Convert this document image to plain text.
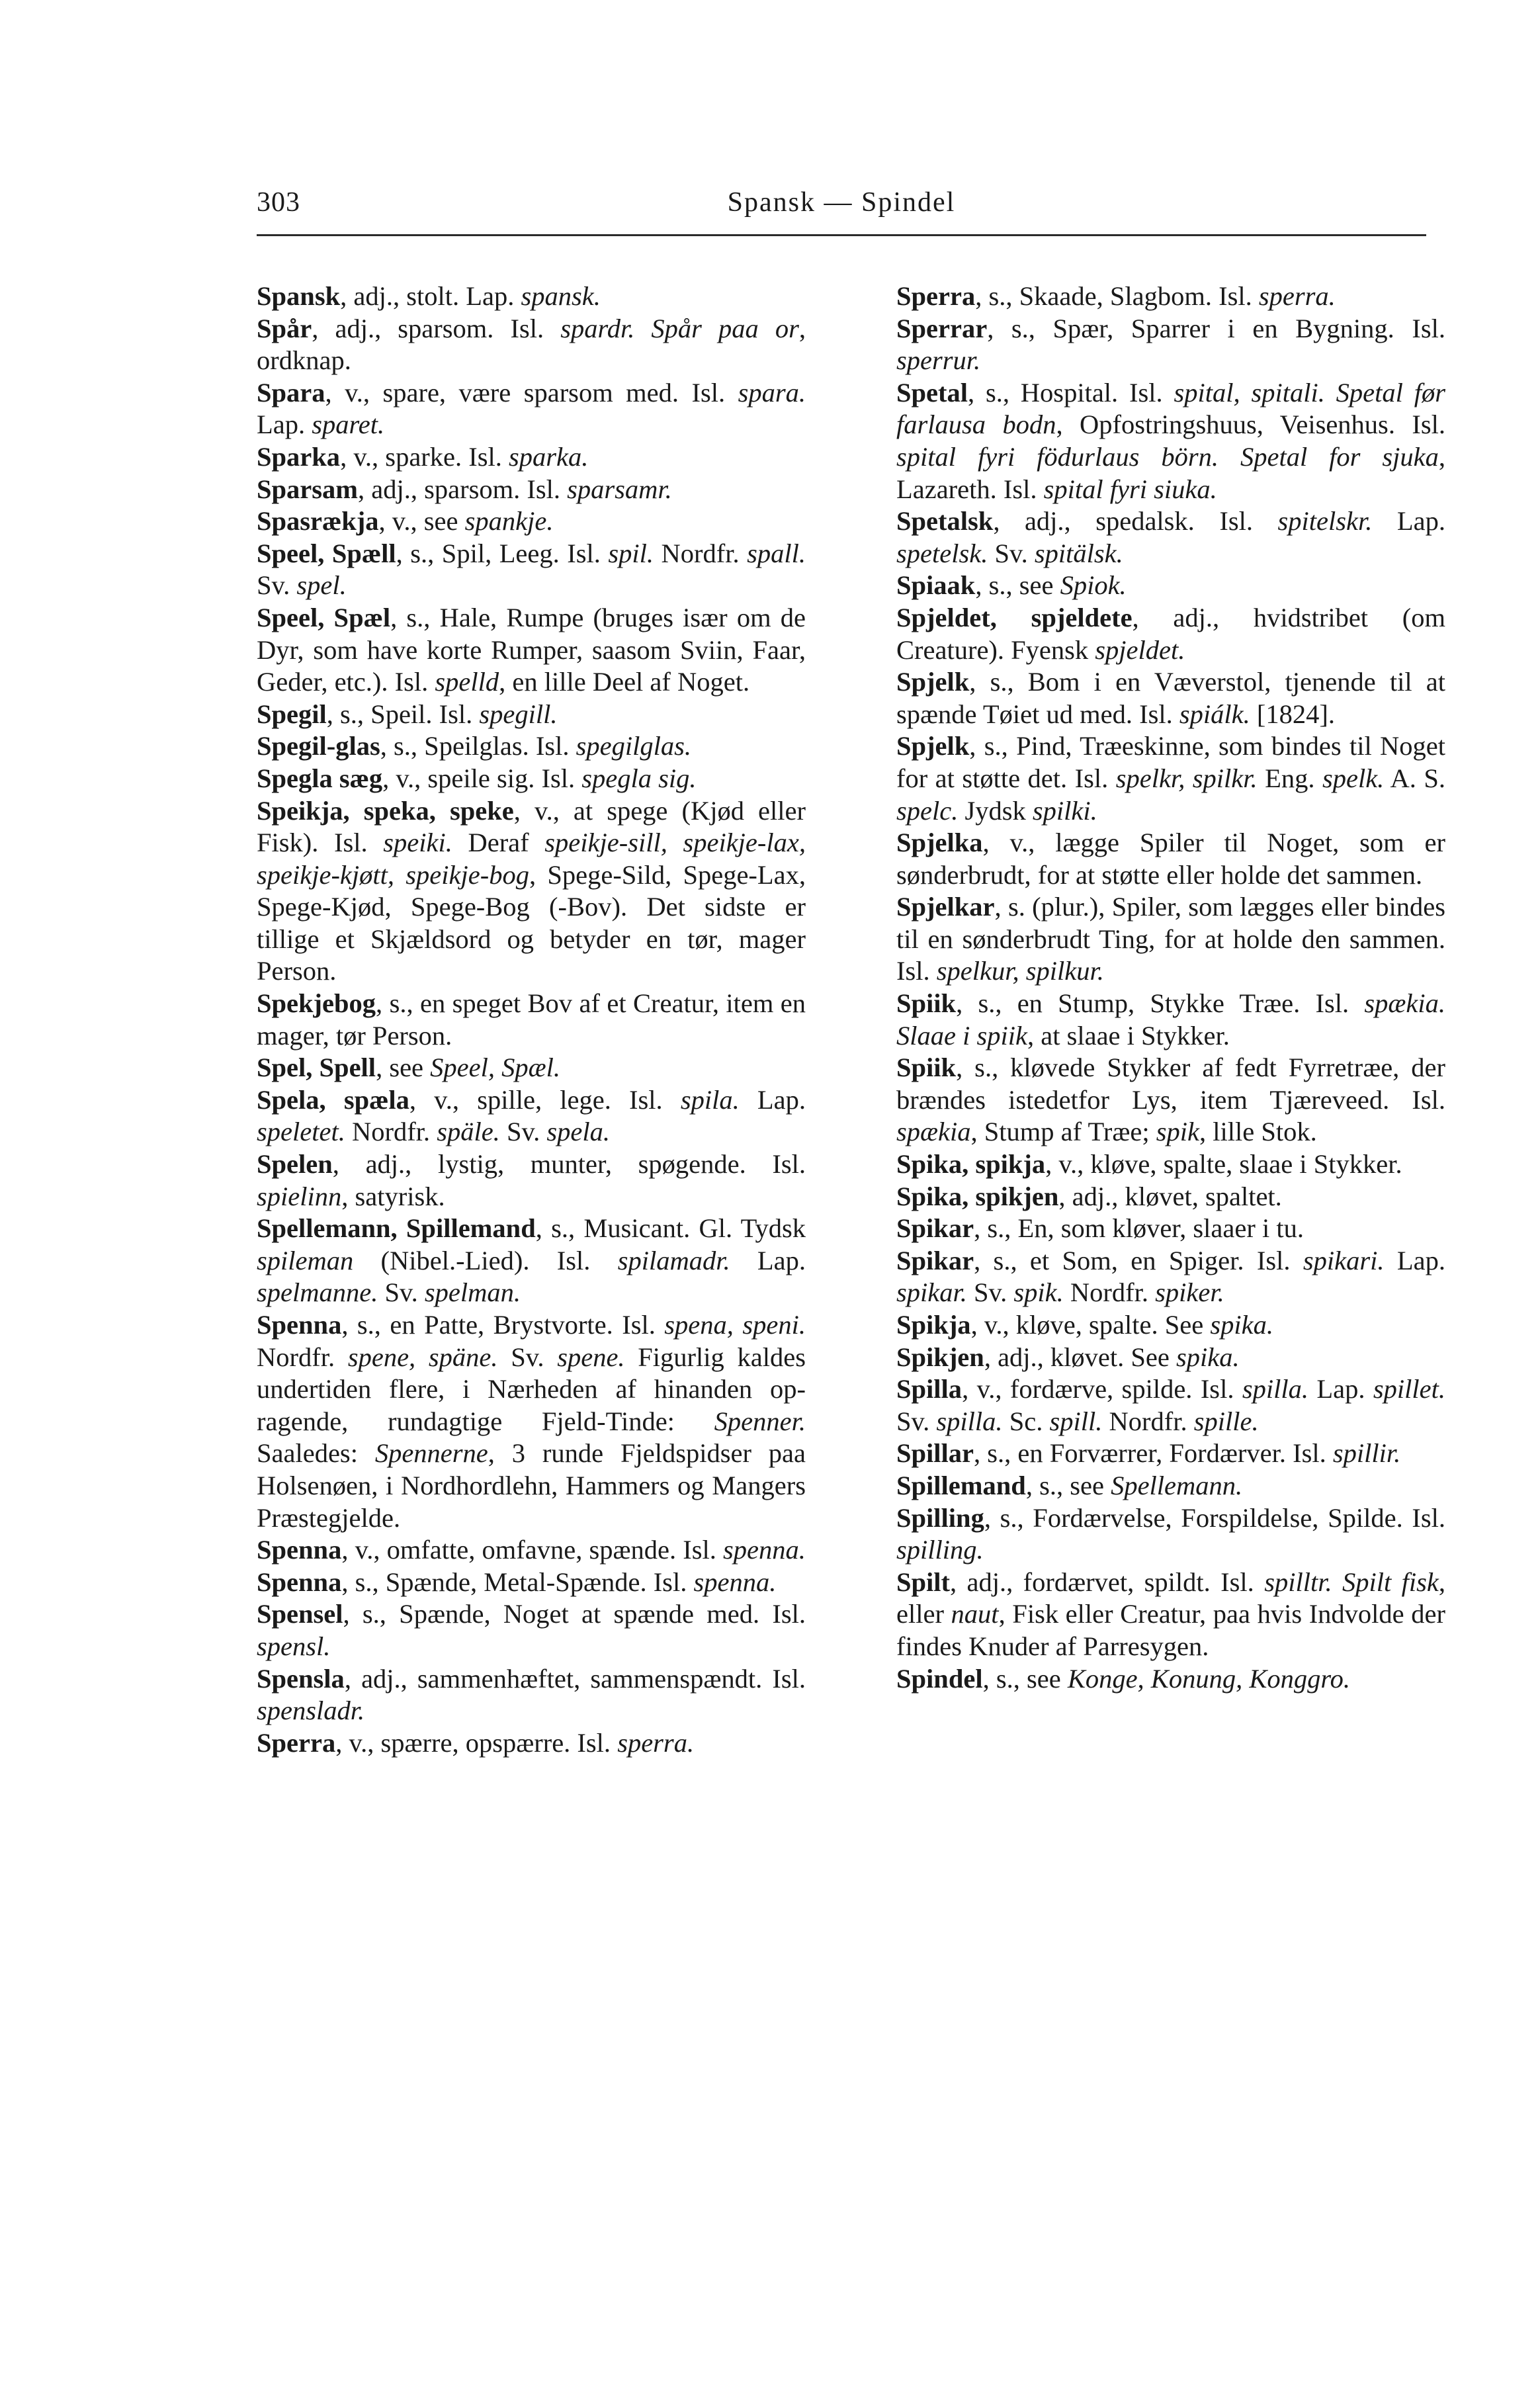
303	Spansk — Spindel

Spansk, adj., stolt. Lap. spansk.

Spår, adj., sparsom. Isl. spardr. Spår paa or, ordknap.

Spara, v., spare, være sparsom med. Isl. spara. Lap. sparet.

Sparka, v., sparke. Isl. sparka.

Sparsam, adj., sparsom. Isl. sparsamr.

Spasrækja, v., see spankje.

Speel, Spæll, s., Spil, Leeg. Isl. spil. Nordfr. spall. Sv. spel.

Speel, Spæl, s., Hale, Rumpe (bruges især om de Dyr, som have korte Rumper, saasom Sviin, Faar, Geder, etc.). Isl. spelld, en lille Deel af Noget.

Spegil, s., Speil. Isl. spegill.

Spegil-glas, s., Speilglas. Isl. spegilglas.

Spegla sæg, v., speile sig. Isl. spegla sig.

Speikja, speka, speke, v., at spege (Kjød eller Fisk). Isl. speiki. Deraf speikje-sill, speikje-lax, speikje-kjøtt, speikje-bog, Spege-Sild, Spege-Lax, Spege-Kjød, Spege-Bog (-Bov). Det sidste er tillige et Skjældsord og betyder en tør, mager Person.

Spekjebog, s., en speget Bov af et Creatur, item en mager, tør Person.

Spel, Spell, see Speel, Spæl.

Spela, spæla, v., spille, lege. Isl. spila. Lap. speletet. Nordfr. späle. Sv. spela.

Spelen, adj., lystig, munter, spøgende. Isl. spielinn, satyrisk.

Spellemann, Spillemand, s., Musicant. Gl. Tydsk spileman (Nibel.-Lied). Isl. spilamadr. Lap. spelmanne. Sv. spelman.

Spenna, s., en Patte, Brystvorte. Isl. spena, speni. Nordfr. spene, späne. Sv. spene. Figurlig kaldes undertiden flere, i Nærheden af hinanden opragende, rundagtige Fjeld-Tinde: Spenner. Saaledes: Spennerne, 3 runde Fjeldspidser paa Holsenøen, i Nordhordlehn, Hammers og Mangers Præstegjelde.

Spenna, v., omfatte, omfavne, spænde. Isl. spenna.

Spenna, s., Spænde, Metal-Spænde. Isl. spenna.

Spensel, s., Spænde, Noget at spænde med. Isl. spensl.

Spensla, adj., sammenhæftet, sammenspændt. Isl. spensladr.

Sperra, v., spærre, opspærre. Isl. sperra.

Sperra, s., Skaade, Slagbom. Isl. sperra.

Sperrar, s., Spær, Sparrer i en Bygning. Isl. sperrur.

Spetal, s., Hospital. Isl. spital, spitali. Spetal før farlausa bodn, Opfostringshuus, Veisenhus. Isl. spital fyri födurlaus börn. Spetal for sjuka, Lazareth. Isl. spital fyri siuka.

Spetalsk, adj., spedalsk. Isl. spitelskr. Lap. spetelsk. Sv. spitälsk.

Spiaak, s., see Spiok.

Spjeldet, spjeldete, adj., hvidstribet (om Creature). Fyensk spjeldet.

Spjelk, s., Bom i en Væverstol, tjenende til at spænde Tøiet ud med. Isl. spiálk. [1824].

Spjelk, s., Pind, Træeskinne, som bindes til Noget for at støtte det. Isl. spelkr, spilkr. Eng. spelk. A. S. spelc. Jydsk spilki.

Spjelka, v., lægge Spiler til Noget, som er sønderbrudt, for at støtte eller holde det sammen.

Spjelkar, s. (plur.), Spiler, som lægges eller bindes til en sønderbrudt Ting, for at holde den sammen. Isl. spelkur, spilkur.

Spiik, s., en Stump, Stykke Træe. Isl. spækia. Slaae i spiik, at slaae i Stykker.

Spiik, s., kløvede Stykker af fedt Fyrretræe, der brændes istedetfor Lys, item Tjæreveed. Isl. spækia, Stump af Træe; spik, lille Stok.

Spika, spikja, v., kløve, spalte, slaae i Stykker.

Spika, spikjen, adj., kløvet, spaltet.

Spikar, s., En, som kløver, slaaer i tu.

Spikar, s., et Som, en Spiger. Isl. spikari. Lap. spikar. Sv. spik. Nordfr. spiker.

Spikja, v., kløve, spalte. See spika.

Spikjen, adj., kløvet. See spika.

Spilla, v., fordærve, spilde. Isl. spilla. Lap. spillet. Sv. spilla. Sc. spill. Nordfr. spille.

Spillar, s., en Forværrer, Fordærver. Isl. spillir.

Spillemand, s., see Spellemann.

Spilling, s., Fordærvelse, Forspildelse, Spilde. Isl. spilling.

Spilt, adj., fordærvet, spildt. Isl. spilltr. Spilt fisk, eller naut, Fisk eller Creatur, paa hvis Indvolde der findes Knuder af Parresygen.

Spindel, s., see Konge, Konung, Konggro.
